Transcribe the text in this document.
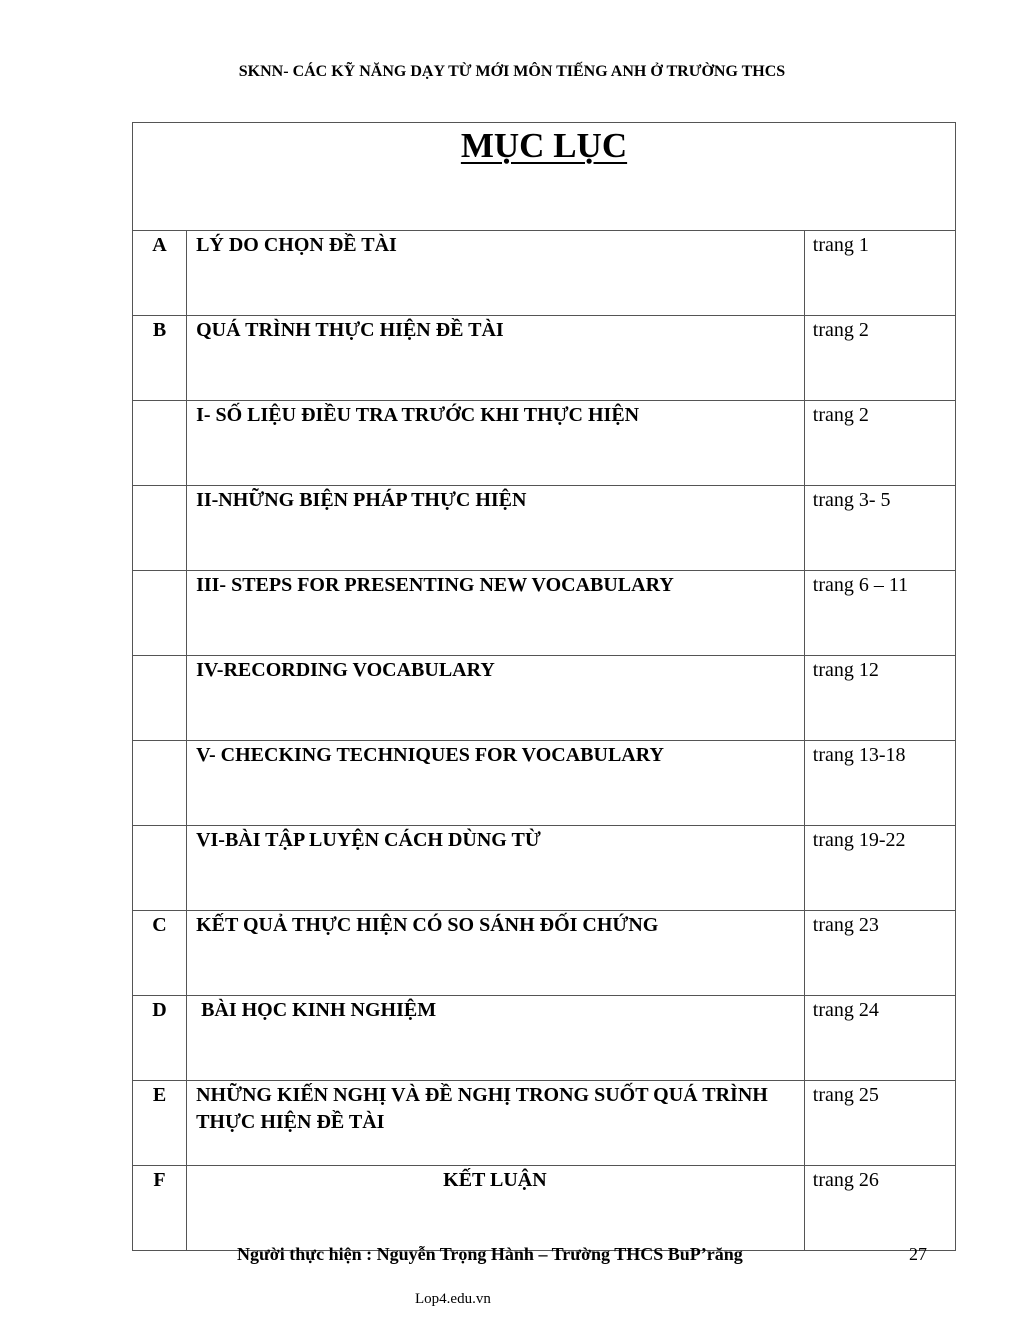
SKNN- CÁC KỸ NĂNG DẠY TỪ MỚI MÔN TIẾNG ANH Ở TRƯỜNG THCS
MỤC LỤC		
A	LÝ DO CHỌN ĐỀ TÀI	trang 1
B	QUÁ TRÌNH THỰC HIỆN ĐỀ TÀI	trang 2
	I- SỐ LIỆU ĐIỀU TRA TRƯỚC KHI THỰC HIỆN	trang 2
	II-NHỮNG BIỆN PHÁP THỰC HIỆN	trang 3- 5
	III- STEPS FOR PRESENTING NEW VOCABULARY	trang 6 – 11
	IV-RECORDING VOCABULARY	trang 12
	V- CHECKING TECHNIQUES FOR VOCABULARY	trang 13-18
	VI-BÀI TẬP LUYỆN CÁCH DÙNG TỪ	trang 19-22
C	KẾT QUẢ THỰC HIỆN CÓ SO SÁNH ĐỐI CHỨNG	trang 23
D	BÀI HỌC KINH NGHIỆM	trang 24
E	NHỮNG KIẾN NGHỊ VÀ ĐỀ NGHỊ TRONG SUỐT QUÁ TRÌNH THỰC HIỆN ĐỀ TÀI	trang 25
F	KẾT LUẬN	trang 26
Người thực hiện : Nguyễn Trọng Hành – Trường THCS BuP’răng	27
Lop4.edu.vn
